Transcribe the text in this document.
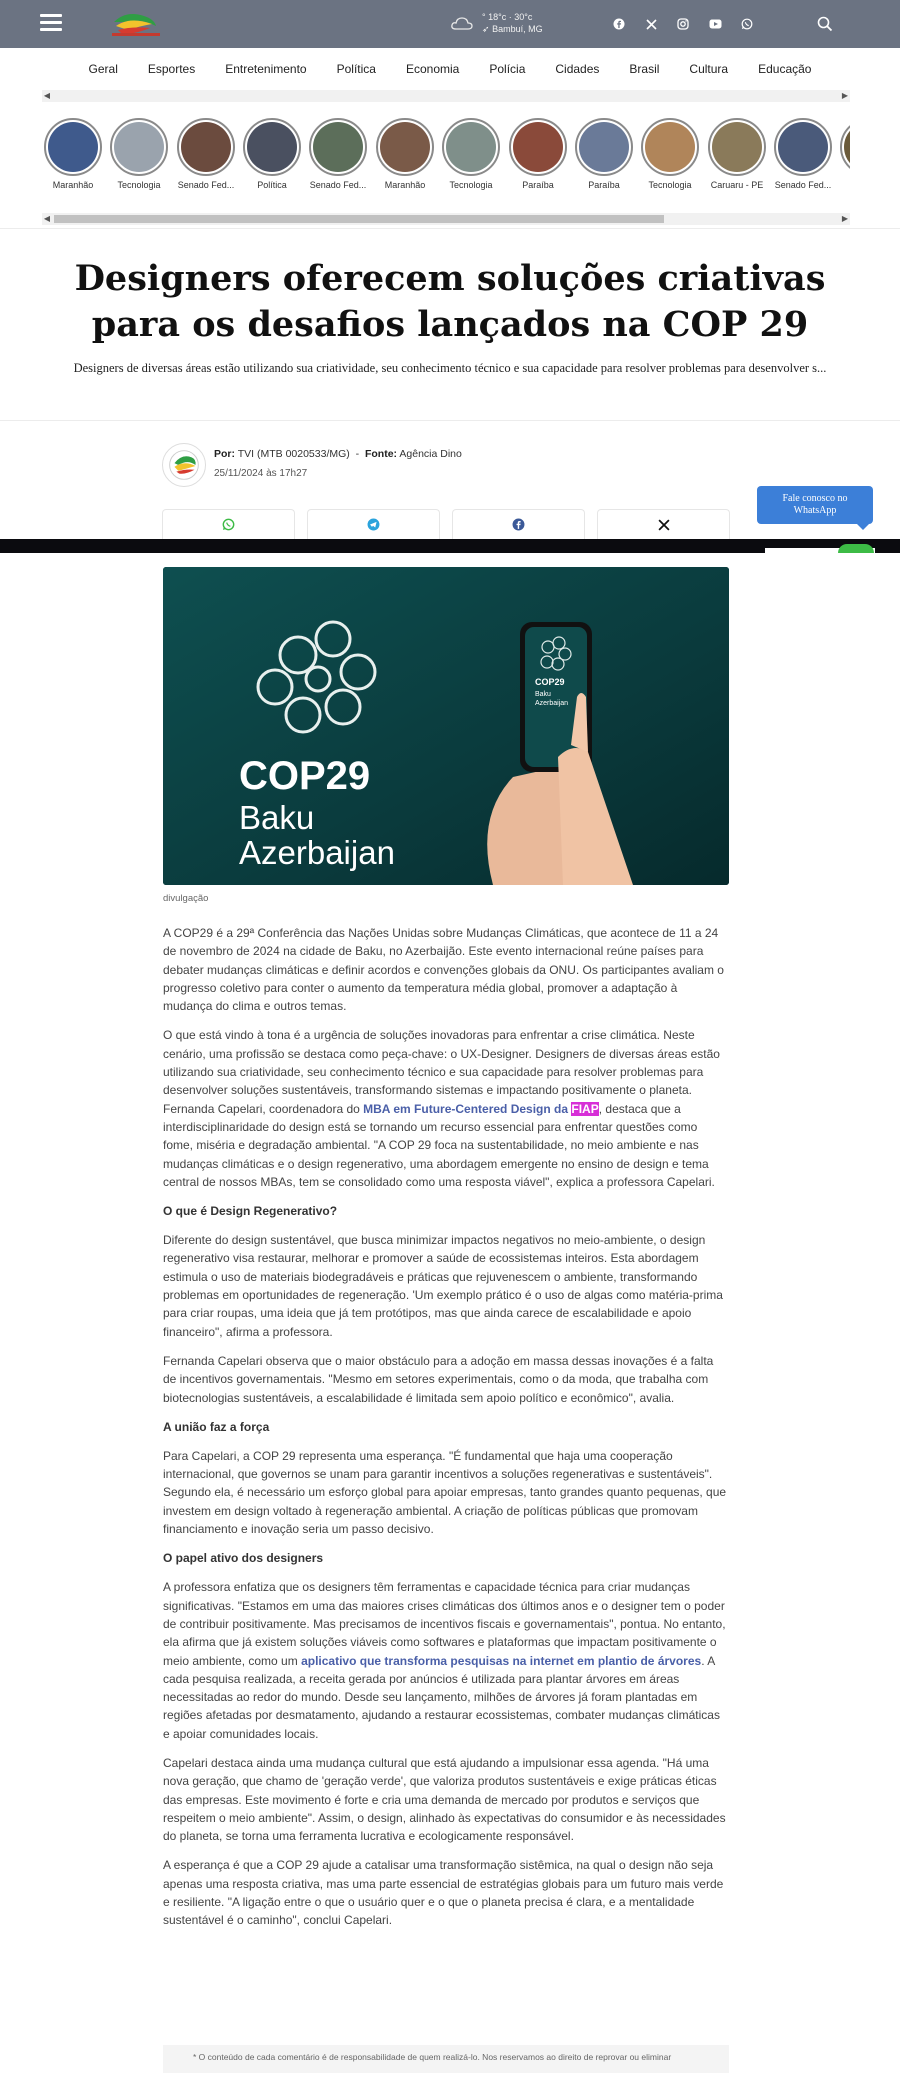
° 18°c · 30°c
➶ Bambuí, MG
Geral	Esportes	Entretenimento	Política	Economia	Polícia	Cidades	Brasil	Cultura	Educação
◀	▶
Maranhão	Tecnologia	Senado Fed...	Política	Senado Fed...	Maranhão	Tecnologia	Paraíba	Paraíba	Tecnologia	Caruaru - PE	Senado Fed...
◀	▶
Designers oferecem soluções criativas para os desafios lançados na COP 29

Designers de diversas áreas estão utilizando sua criatividade, seu conhecimento técnico e sua capacidade para resolver problemas para desenvolver s...

Por: TVI (MTB 0020533/MG) - Fonte: Agência Dino
25/11/2024 às 17h27
Fale conosco no
WhatsApp
COP29
Baku
Azerbaijan
COP29
Baku
Azerbaijan
divulgação

A COP29 é a 29ª Conferência das Nações Unidas sobre Mudanças Climáticas, que acontece de 11 a 24 de novembro de 2024 na cidade de Baku, no Azerbaijão. Este evento internacional reúne países para debater mudanças climáticas e definir acordos e convenções globais da ONU. Os participantes avaliam o progresso coletivo para conter o aumento da temperatura média global, promover a adaptação à mudança do clima e outros temas.

O que está vindo à tona é a urgência de soluções inovadoras para enfrentar a crise climática. Neste cenário, uma profissão se destaca como peça-chave: o UX-Designer. Designers de diversas áreas estão utilizando sua criatividade, seu conhecimento técnico e sua capacidade para resolver problemas para desenvolver soluções sustentáveis, transformando sistemas e impactando positivamente o planeta. Fernanda Capelari, coordenadora do MBA em Future-Centered Design da FIAP, destaca que a interdisciplinaridade do design está se tornando um recurso essencial para enfrentar questões como fome, miséria e degradação ambiental. "A COP 29 foca na sustentabilidade, no meio ambiente e nas mudanças climáticas e o design regenerativo, uma abordagem emergente no ensino de design e tema central de nossos MBAs, tem se consolidado como uma resposta viável", explica a professora Capelari.

O que é Design Regenerativo?

Diferente do design sustentável, que busca minimizar impactos negativos no meio-ambiente, o design regenerativo visa restaurar, melhorar e promover a saúde de ecossistemas inteiros. Esta abordagem estimula o uso de materiais biodegradáveis e práticas que rejuvenescem o ambiente, transformando problemas em oportunidades de regeneração. 'Um exemplo prático é o uso de algas como matéria-prima para criar roupas, uma ideia que já tem protótipos, mas que ainda carece de escalabilidade e apoio financeiro", afirma a professora.

Fernanda Capelari observa que o maior obstáculo para a adoção em massa dessas inovações é a falta de incentivos governamentais. "Mesmo em setores experimentais, como o da moda, que trabalha com biotecnologias sustentáveis, a escalabilidade é limitada sem apoio político e econômico", avalia.

A união faz a força

Para Capelari, a COP 29 representa uma esperança. "É fundamental que haja uma cooperação internacional, que governos se unam para garantir incentivos a soluções regenerativas e sustentáveis". Segundo ela, é necessário um esforço global para apoiar empresas, tanto grandes quanto pequenas, que investem em design voltado à regeneração ambiental. A criação de políticas públicas que promovam financiamento e inovação seria um passo decisivo.

O papel ativo dos designers

A professora enfatiza que os designers têm ferramentas e capacidade técnica para criar mudanças significativas. "Estamos em uma das maiores crises climáticas dos últimos anos e o designer tem o poder de contribuir positivamente. Mas precisamos de incentivos fiscais e governamentais", pontua. No entanto, ela afirma que já existem soluções viáveis como softwares e plataformas que impactam positivamente o meio ambiente, como um aplicativo que transforma pesquisas na internet em plantio de árvores. A cada pesquisa realizada, a receita gerada por anúncios é utilizada para plantar árvores em áreas necessitadas ao redor do mundo. Desde seu lançamento, milhões de árvores já foram plantadas em regiões afetadas por desmatamento, ajudando a restaurar ecossistemas, combater mudanças climáticas e apoiar comunidades locais.

Capelari destaca ainda uma mudança cultural que está ajudando a impulsionar essa agenda. "Há uma nova geração, que chamo de 'geração verde', que valoriza produtos sustentáveis e exige práticas éticas das empresas. Este movimento é forte e cria uma demanda de mercado por produtos e serviços que respeitem o meio ambiente". Assim, o design, alinhado às expectativas do consumidor e às necessidades do planeta, se torna uma ferramenta lucrativa e ecologicamente responsável.

A esperança é que a COP 29 ajude a catalisar uma transformação sistêmica, na qual o design não seja apenas uma resposta criativa, mas uma parte essencial de estratégias globais para um futuro mais verde e resiliente. "A ligação entre o que o usuário quer e o que o planeta precisa é clara, e a mentalidade sustentável é o caminho", conclui Capelari.

* O conteúdo de cada comentário é de responsabilidade de quem realizá-lo. Nos reservamos ao direito de reprovar ou eliminar
